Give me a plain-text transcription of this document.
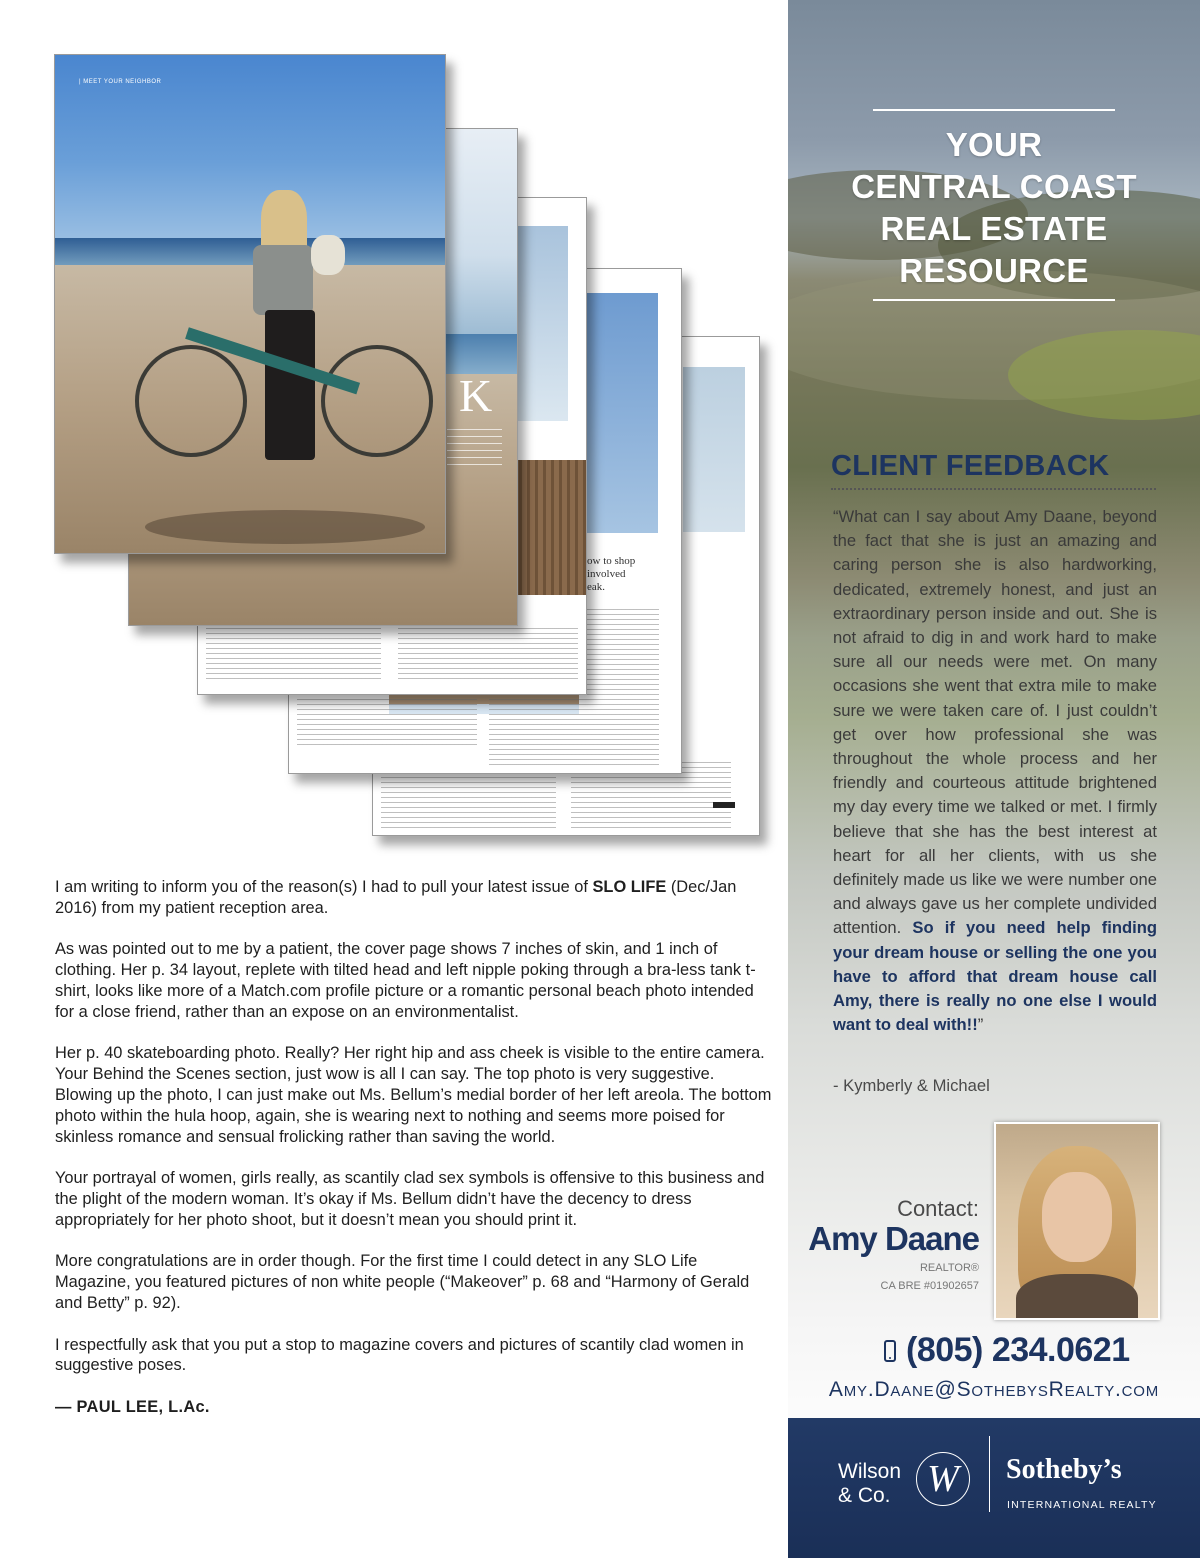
ow to shop
involved
eak.
K
| MEET YOUR NEIGHBOR

I am writing to inform you of the reason(s) I had to pull your latest issue of SLO LIFE (Dec/Jan 2016) from my patient reception area.

As was pointed out to me by a patient, the cover page shows 7 inches of skin, and 1 inch of clothing. Her p. 34 layout, replete with tilted head and left nipple poking through a bra-less tank t-shirt, looks like more of a Match.com profile picture or a romantic personal beach photo intended for a close friend, rather than an expose on an environmentalist.

Her p. 40 skateboarding photo. Really? Her right hip and ass cheek is visible to the entire camera. Your Behind the Scenes section, just wow is all I can say. The top photo is very suggestive. Blowing up the photo, I can just make out Ms. Bellum’s medial border of her left areola. The bottom photo within the hula hoop, again, she is wearing next to nothing and seems more poised for skinless romance and sensual frolicking rather than saving the world.

Your portrayal of women, girls really, as scantily clad sex symbols is offensive to this business and the plight of the modern woman. It’s okay if Ms. Bellum didn’t have the decency to dress appropriately for her photo shoot, but it doesn’t mean you should print it.

More congratulations are in order though. For the first time I could detect in any SLO Life Magazine, you featured pictures of non white people (“Makeover” p. 68 and “Harmony of Gerald and Betty” p. 92).

I respectfully ask that you put a stop to magazine covers and pictures of scantily clad women in suggestive poses.

— PAUL LEE, L.Ac.

YOUR
CENTRAL COAST
REAL ESTATE
RESOURCE
CLIENT FEEDBACK
“What can I say about Amy Daane, beyond the fact that she is just an amazing and caring person she is also hardworking, dedicated, extremely honest, and just an extraordinary person inside and out. She is not afraid to dig in and work hard to make sure all our needs were met. On many occasions she went that extra mile to make sure we were taken care of. I just couldn’t get over how professional she was throughout the whole process and her friendly and courteous attitude brightened my day every time we talked or met. I firmly believe that she has the best interest at heart for all her clients, with us she definitely made us like we were number one and always gave us her complete undivided attention. So if you need help finding your dream house or selling the one you have to afford that dream house call Amy, there is really no one else I would want to deal with!!”
- Kymberly & Michael
Contact:
Amy Daane
REALTOR®
CA BRE #01902657
(805) 234.0621
Amy.Daane@SothebysRealty.com
Wilson
& Co. W	Sotheby’s
INTERNATIONAL REALTY
